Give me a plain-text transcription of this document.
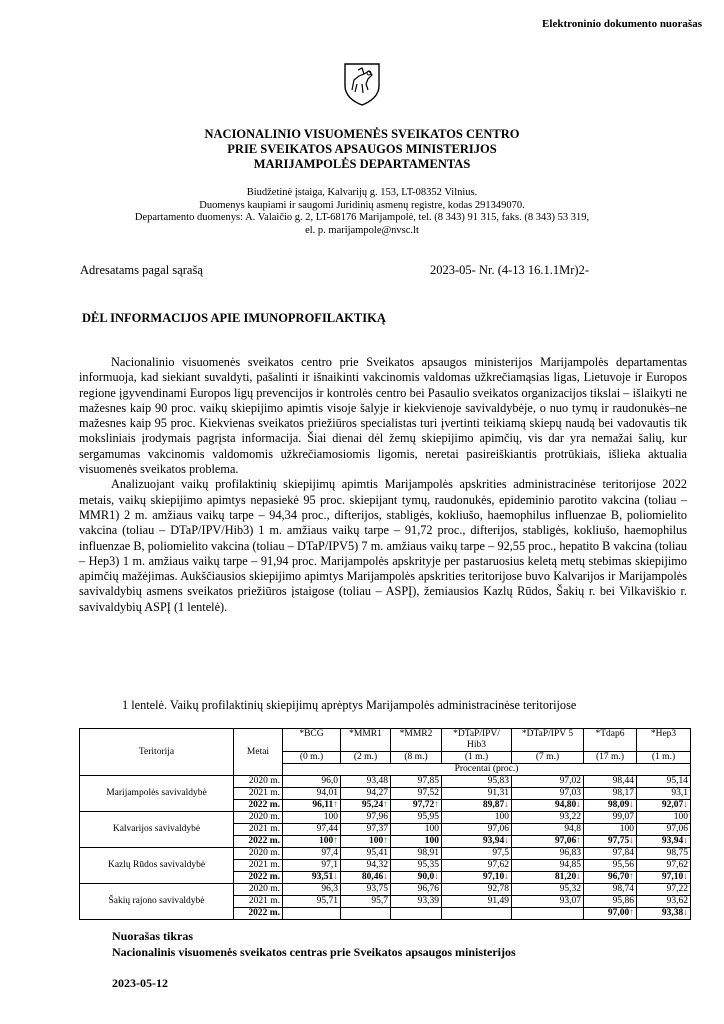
Elektroninio dokumento nuorašas
NACIONALINIO VISUOMENĖS SVEIKATOS CENTRO
PRIE SVEIKATOS APSAUGOS MINISTERIJOS
MARIJAMPOLĖS DEPARTAMENTAS
Biudžetinė įstaiga, Kalvarijų g. 153, LT-08352 Vilnius.
Duomenys kaupiami ir saugomi Juridinių asmenų registre, kodas 291349070.
Departamento duomenys: A. Valaičio g. 2, LT-68176 Marijampolė, tel. (8 343) 91 315, faks. (8 343) 53 319,
el. p. marijampole@nvsc.lt
Adresatams pagal sąrašą	2023-05- Nr. (4-13 16.1.1Mr)2-
DĖL INFORMACIJOS APIE IMUNOPROFILAKTIKĄ

Nacionalinio visuomenės sveikatos centro prie Sveikatos apsaugos ministerijos Marijampolės departamentas informuoja, kad siekiant suvaldyti, pašalinti ir išnaikinti vakcinomis valdomas užkrečiamąsias ligas, Lietuvoje ir Europos regione įgyvendinami Europos ligų prevencijos ir kontrolės centro bei Pasaulio sveikatos organizacijos tikslai – išlaikyti ne mažesnes kaip 90 proc. vaikų skiepijimo apimtis visoje šalyje ir kiekvienoje savivaldybėje, o nuo tymų ir raudonukės–ne mažesnes kaip 95 proc. Kiekvienas sveikatos priežiūros specialistas turi įvertinti teikiamą skiepų naudą bei vadovautis tik moksliniais įrodymais pagrįsta informacija. Šiai dienai dėl žemų skiepijimo apimčių, vis dar yra nemažai šalių, kur sergamumas vakcinomis valdomomis užkrečiamosiomis ligomis, neretai pasireiškiantis protrūkiais, išlieka aktualia visuomenės sveikatos problema.

Analizuojant vaikų profilaktinių skiepijimų apimtis Marijampolės apskrities administracinėse teritorijose 2022 metais, vaikų skiepijimo apimtys nepasiekė 95 proc. skiepijant tymų, raudonukės, epideminio parotito vakcina (toliau – MMR1) 2 m. amžiaus vaikų tarpe – 94,34 proc., difterijos, stabligės, kokliušo, haemophilus influenzae B, poliomielito vakcina (toliau – DTaP/IPV/Hib3) 1 m. amžiaus vaikų tarpe – 91,72 proc., difterijos, stabligės, kokliušo, haemophilus influenzae B, poliomielito vakcina (toliau – DTaP/IPV5) 7 m. amžiaus vaikų tarpe – 92,55 proc., hepatito B vakcina (toliau – Hep3) 1 m. amžiaus vaikų tarpe – 91,94 proc. Marijampolės apskrityje per pastaruosius keletą metų stebimas skiepijimo apimčių mažėjimas. Aukščiausios skiepijimo apimtys Marijampolės apskrities teritorijose buvo Kalvarijos ir Marijampolės savivaldybių asmens sveikatos priežiūros įstaigose (toliau – ASPĮ), žemiausios Kazlų Rūdos, Šakių r. bei Vilkaviškio r. savivaldybių ASPĮ (1 lentelė).

1 lentelė. Vaikų profilaktinių skiepijimų aprėptys Marijampolės administracinėse teritorijose
Teritorija	Metai	*BCG	*MMR1	*MMR2	*DTaP/IPV/ Hib3	*DTaP/IPV 5	*Tdap6	*Hep3
		(0 m.)	(2 m.)	(8 m.)	(1 m.)	(7 m.)	(17 m.)	(1 m.)
		Procentai (proc.)						
Marijampolės savivaldybė	2020 m.	96,0	93,48	97,85	95,83	97,02	98,44	95,14
	2021 m.	94,01	94,27	97,52	91,31	97,03	98,17	93,1
	2022 m.	96,11↑	95,24↑	97,72↑	89,87↓	94,80↓	98,09↓	92,07↓
Kalvarijos savivaldybė	2020 m.	100	97,96	95,95	100	93,22	99,07	100
	2021 m.	97,44	97,37	100	97,06	94,8	100	97,06
	2022 m.	100↑	100↑	100	93,94↓	97,06↑	97,75↓	93,94↓
Kazlų Rūdos savivaldybė	2020 m.	97,4	95,41	98,91	97,5	96,83	97,84	98,75
	2021 m.	97,1	94,32	95,35	97,62	94,85	95,56	97,62
	2022 m.	93,51↓	80,46↓	90,0↓	97,10↓	81,20↓	96,70↑	97,10↓
Šakių rajono savivaldybė	2020 m.	96,3	93,75	96,76	92,78	95,32	98,74	97,22
	2021 m.	95,71	95,7	93,39	91,49	93,07	95,86	93,62
	2022 m.						97,00↑	93,38↓
Nuorašas tikras
Nacionalinis visuomenės sveikatos centras prie Sveikatos apsaugos ministerijos
2023-05-12
